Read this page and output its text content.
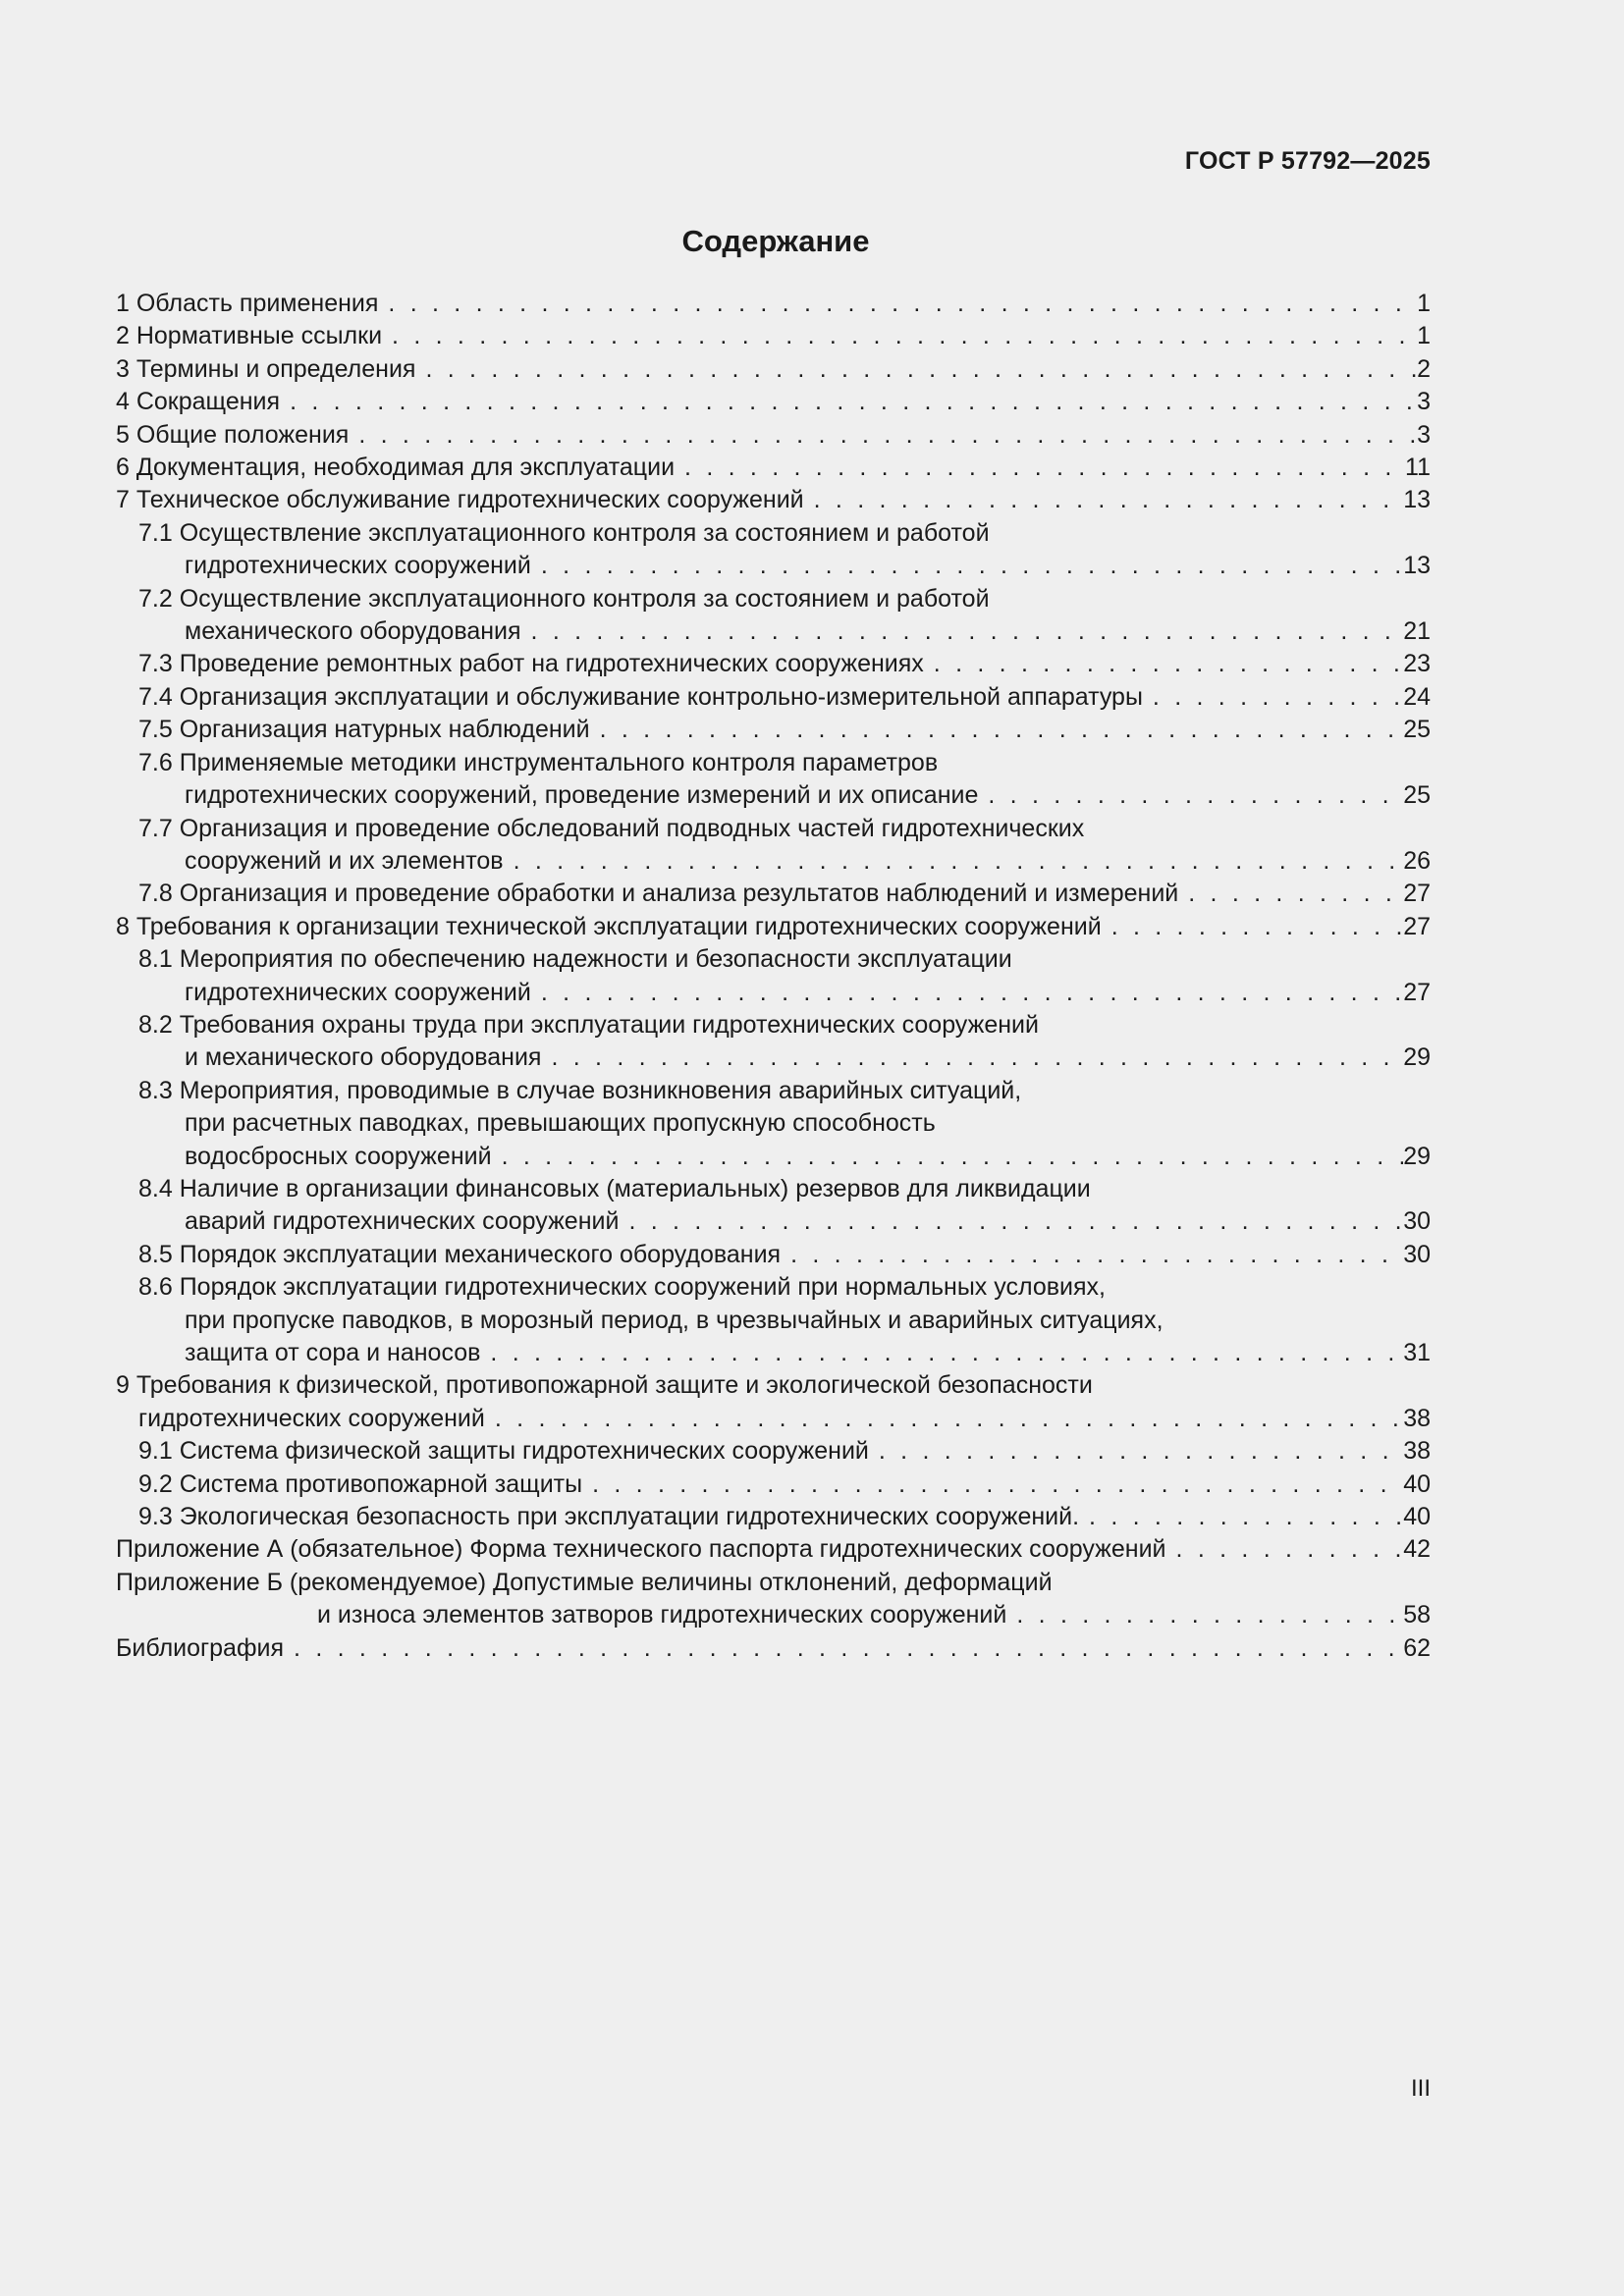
ГОСТ Р 57792—2025
Содержание
1 Область применения . . .	1
2 Нормативные ссылки . . .	1
3 Термины и определения . . .	2
4 Сокращения . . .	3
5 Общие положения . . .	3
6 Документация, необходимая для эксплуатации . . .	11
7 Техническое обслуживание гидротехнических сооружений . . .	13
7.1 Осуществление эксплуатационного контроля за состоянием и работой
гидротехнических сооружений . . .	13
7.2 Осуществление эксплуатационного контроля за состоянием и работой
механического оборудования . . .	21
7.3 Проведение ремонтных работ на гидротехнических сооружениях . . .	23
7.4 Организация эксплуатации и обслуживание контрольно-измерительной аппаратуры . . .	24
7.5 Организация натурных наблюдений . . .	25
7.6 Применяемые методики инструментального контроля параметров
гидротехнических сооружений, проведение измерений и их описание . . .	25
7.7 Организация и проведение обследований подводных частей гидротехнических
сооружений и их элементов . . .	26
7.8 Организация и проведение обработки и анализа результатов наблюдений и измерений . . .	27
8 Требования к организации технической эксплуатации гидротехнических сооружений . . .	27
8.1 Мероприятия по обеспечению надежности и безопасности эксплуатации
гидротехнических сооружений . . .	27
8.2 Требования охраны труда при эксплуатации гидротехнических сооружений
и механического оборудования . . .	29
8.3 Мероприятия, проводимые в случае возникновения аварийных ситуаций,
при расчетных паводках, превышающих пропускную способность
водосбросных сооружений . . .	29
8.4 Наличие в организации финансовых (материальных) резервов для ликвидации
аварий гидротехнических сооружений . . .	30
8.5 Порядок эксплуатации механического оборудования . . .	30
8.6 Порядок эксплуатации гидротехнических сооружений при нормальных условиях,
при пропуске паводков, в морозный период, в чрезвычайных и аварийных ситуациях,
защита от сора и наносов . . .	31
9 Требования к физической, противопожарной защите и экологической безопасности
гидротехнических сооружений . . .	38
9.1 Система физической защиты гидротехнических сооружений . . .	38
9.2 Система противопожарной защиты . . .	40
9.3 Экологическая безопасность при эксплуатации гидротехнических сооружений. . . .	40
Приложение А (обязательное) Форма технического паспорта гидротехнических сооружений . . .	42
Приложение Б (рекомендуемое) Допустимые величины отклонений, деформаций
и износа элементов затворов гидротехнических сооружений . . .	58
Библиография . . .	62
III
